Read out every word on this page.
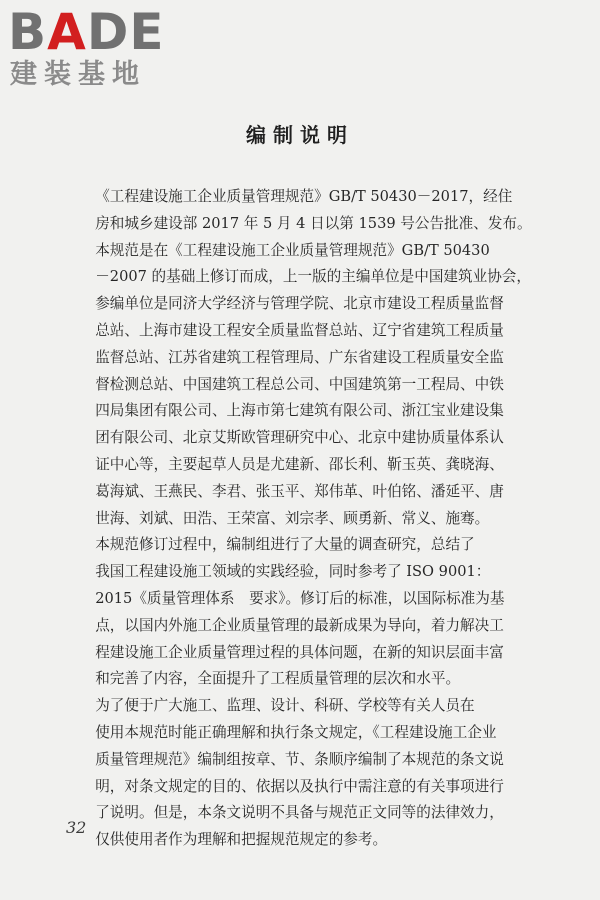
BADE
建装基地
编制说明

《工程建设施工企业质量管理规范》GB/T 50430－2017，经住
房和城乡建设部 2017 年 5 月 4 日以第 1539 号公告批准、发布。

本规范是在《工程建设施工企业质量管理规范》GB/T 50430
－2007 的基础上修订而成，上一版的主编单位是中国建筑业协会，
参编单位是同济大学经济与管理学院、北京市建设工程质量监督
总站、上海市建设工程安全质量监督总站、辽宁省建筑工程质量
监督总站、江苏省建筑工程管理局、广东省建设工程质量安全监
督检测总站、中国建筑工程总公司、中国建筑第一工程局、中铁
四局集团有限公司、上海市第七建筑有限公司、浙江宝业建设集
团有限公司、北京艾斯欧管理研究中心、北京中建协质量体系认
证中心等，主要起草人员是尤建新、邵长利、靳玉英、龚晓海、
葛海斌、王燕民、李君、张玉平、郑伟革、叶伯铭、潘延平、唐
世海、刘斌、田浩、王荣富、刘宗孝、顾勇新、常义、施骞。

本规范修订过程中，编制组进行了大量的调查研究，总结了
我国工程建设施工领域的实践经验，同时参考了 ISO 9001：
2015《质量管理体系　要求》。修订后的标准，以国际标准为基
点，以国内外施工企业质量管理的最新成果为导向，着力解决工
程建设施工企业质量管理过程的具体问题，在新的知识层面丰富
和完善了内容，全面提升了工程质量管理的层次和水平。

为了便于广大施工、监理、设计、科研、学校等有关人员在
使用本规范时能正确理解和执行条文规定，《工程建设施工企业
质量管理规范》编制组按章、节、条顺序编制了本规范的条文说
明，对条文规定的目的、依据以及执行中需注意的有关事项进行
了说明。但是，本条文说明不具备与规范正文同等的法律效力，
仅供使用者作为理解和把握规范规定的参考。

32
